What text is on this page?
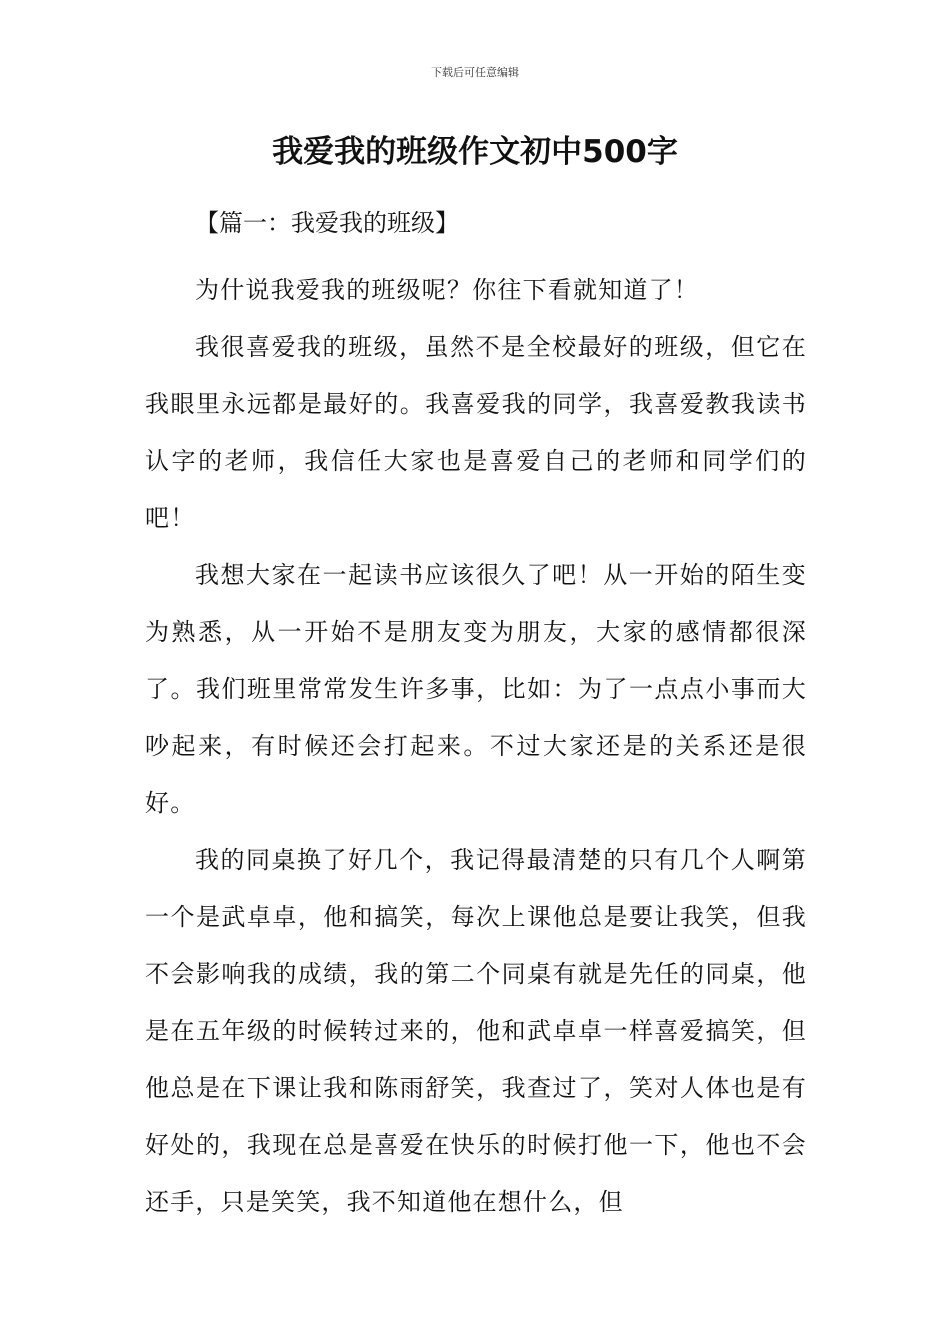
下载后可任意编辑
我爱我的班级作文初中500字
【篇一：我爱我的班级】

为什说我爱我的班级呢？你往下看就知道了！

我很喜爱我的班级，虽然不是全校最好的班级，但它在我眼里永远都是最好的。我喜爱我的同学，我喜爱教我读书认字的老师，我信任大家也是喜爱自己的老师和同学们的吧！

我想大家在一起读书应该很久了吧！从一开始的陌生变为熟悉，从一开始不是朋友变为朋友，大家的感情都很深了。我们班里常常发生许多事，比如：为了一点点小事而大吵起来，有时候还会打起来。不过大家还是的关系还是很好。

我的同桌换了好几个，我记得最清楚的只有几个人啊第一个是武卓卓，他和搞笑，每次上课他总是要让我笑，但我不会影响我的成绩，我的第二个同桌有就是先任的同桌，他是在五年级的时候转过来的，他和武卓卓一样喜爱搞笑，但他总是在下课让我和陈雨舒笑，我查过了，笑对人体也是有好处的，我现在总是喜爱在快乐的时候打他一下，他也不会还手，只是笑笑，我不知道他在想什么，但
